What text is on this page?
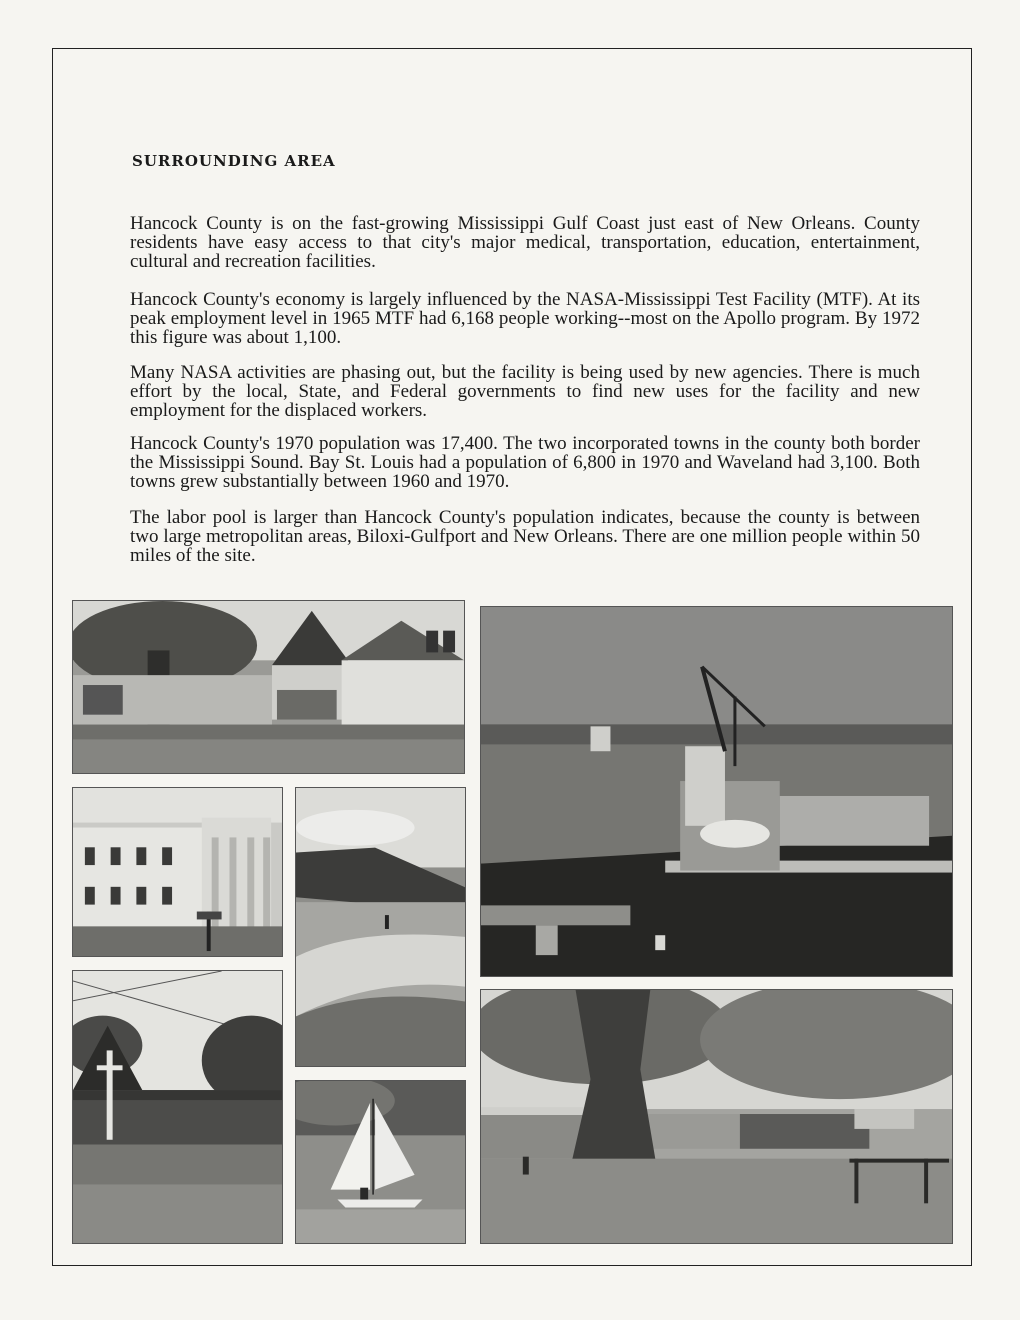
SURROUNDING AREA

Hancock County is on the fast-growing Mississippi Gulf Coast just east of New Orleans. County residents have easy access to that city's major medical, transportation, education, entertainment, cultural and recreation facilities.

Hancock County's economy is largely influenced by the NASA-Mississippi Test Facility (MTF). At its peak employment level in 1965 MTF had 6,168 people working--most on the Apollo program. By 1972 this figure was about 1,100.

Many NASA activities are phasing out, but the facility is being used by new agencies. There is much effort by the local, State, and Federal governments to find new uses for the facility and new employment for the displaced workers.

Hancock County's 1970 population was 17,400. The two incorporated towns in the county both border the Mississippi Sound. Bay St. Louis had a population of 6,800 in 1970 and Waveland had 3,100. Both towns grew substantially between 1960 and 1970.

The labor pool is larger than Hancock County's population indicates, because the county is between two large metropolitan areas, Biloxi-Gulfport and New Orleans. There are one million people within 50 miles of the site.
